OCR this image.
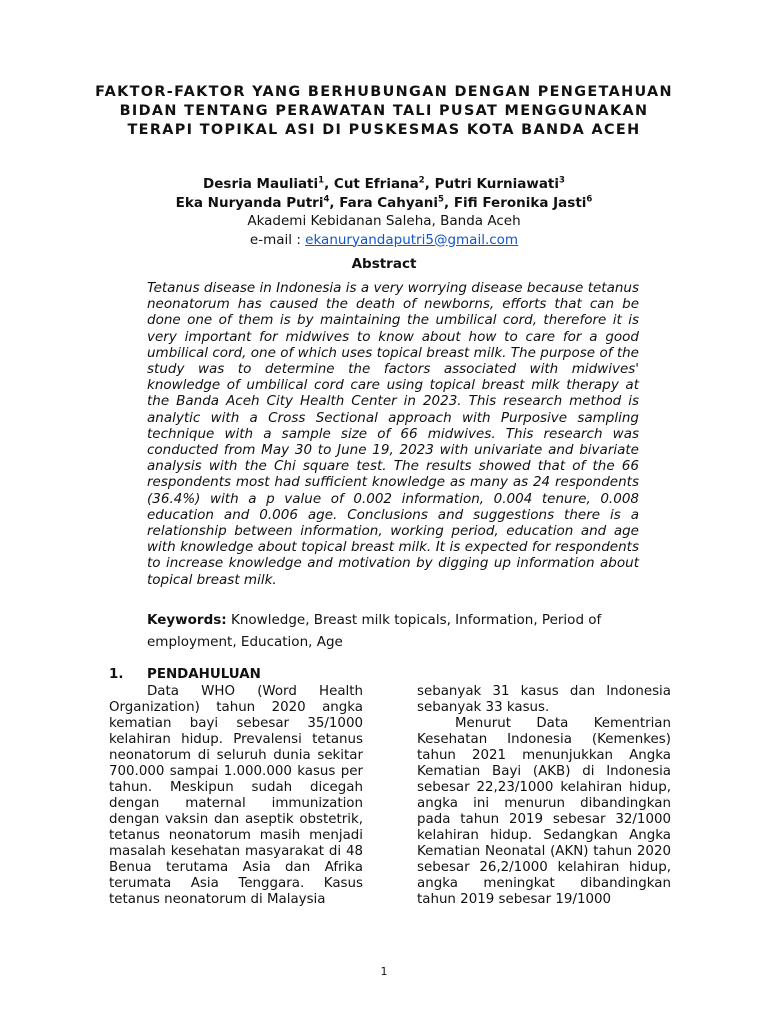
FAKTOR-FAKTOR YANG BERHUBUNGAN DENGAN PENGETAHUAN BIDAN TENTANG PERAWATAN TALI PUSAT MENGGUNAKAN TERAPI TOPIKAL ASI DI PUSKESMAS KOTA BANDA ACEH
Desria Mauliati$^1$, Cut Efriana$^2$, Putri Kurniawati$^3$
Eka Nuryanda Putri$^4$, Fara Cahyani$^5$, Fifi Feronika Jasti$^6$
Akademi Kebidanan Saleha, Banda Aceh
e-mail : ekanuryandaputri5@gmail.com
Abstract

Tetanus disease in Indonesia is a very worrying disease because tetanus neonatorum has caused the death of newborns, efforts that can be done one of them is by maintaining the umbilical cord, therefore it is very important for midwives to know about how to care for a good umbilical cord, one of which uses topical breast milk. The purpose of the study was to determine the factors associated with midwives' knowledge of umbilical cord care using topical breast milk therapy at the Banda Aceh City Health Center in 2023. This research method is analytic with a Cross Sectional approach with Purposive sampling technique with a sample size of 66 midwives. This research was conducted from May 30 to June 19, 2023 with univariate and bivariate analysis with the Chi square test. The results showed that of the 66 respondents most had sufficient knowledge as many as 24 respondents (36.4%) with a p value of 0.002 information, 0.004 tenure, 0.008 education and 0.006 age. Conclusions and suggestions there is a relationship between information, working period, education and age with knowledge about topical breast milk. It is expected for respondents to increase knowledge and motivation by digging up information about topical breast milk.

Keywords: Knowledge, Breast milk topicals, Information, Period of employment, Education, Age
1. PENDAHULUAN

Data WHO (Word Health Organization) tahun 2020 angka kematian bayi sebesar 35/1000 kelahiran hidup. Prevalensi tetanus neonatorum di seluruh dunia sekitar 700.000 sampai 1.000.000 kasus per tahun. Meskipun sudah dicegah dengan maternal immunization dengan vaksin dan aseptik obstetrik, tetanus neonatorum masih menjadi masalah kesehatan masyarakat di 48 Benua terutama Asia dan Afrika terumata Asia Tenggara. Kasus tetanus neonatorum di Malaysia

sebanyak 31 kasus dan Indonesia sebanyak 33 kasus.

Menurut Data Kementrian Kesehatan Indonesia (Kemenkes) tahun 2021 menunjukkan Angka Kematian Bayi (AKB) di Indonesia sebesar 22,23/1000 kelahiran hidup, angka ini menurun dibandingkan pada tahun 2019 sebesar 32/1000 kelahiran hidup. Sedangkan Angka Kematian Neonatal (AKN) tahun 2020 sebesar 26,2/1000 kelahiran hidup, angka meningkat dibandingkan tahun 2019 sebesar 19/1000

1
